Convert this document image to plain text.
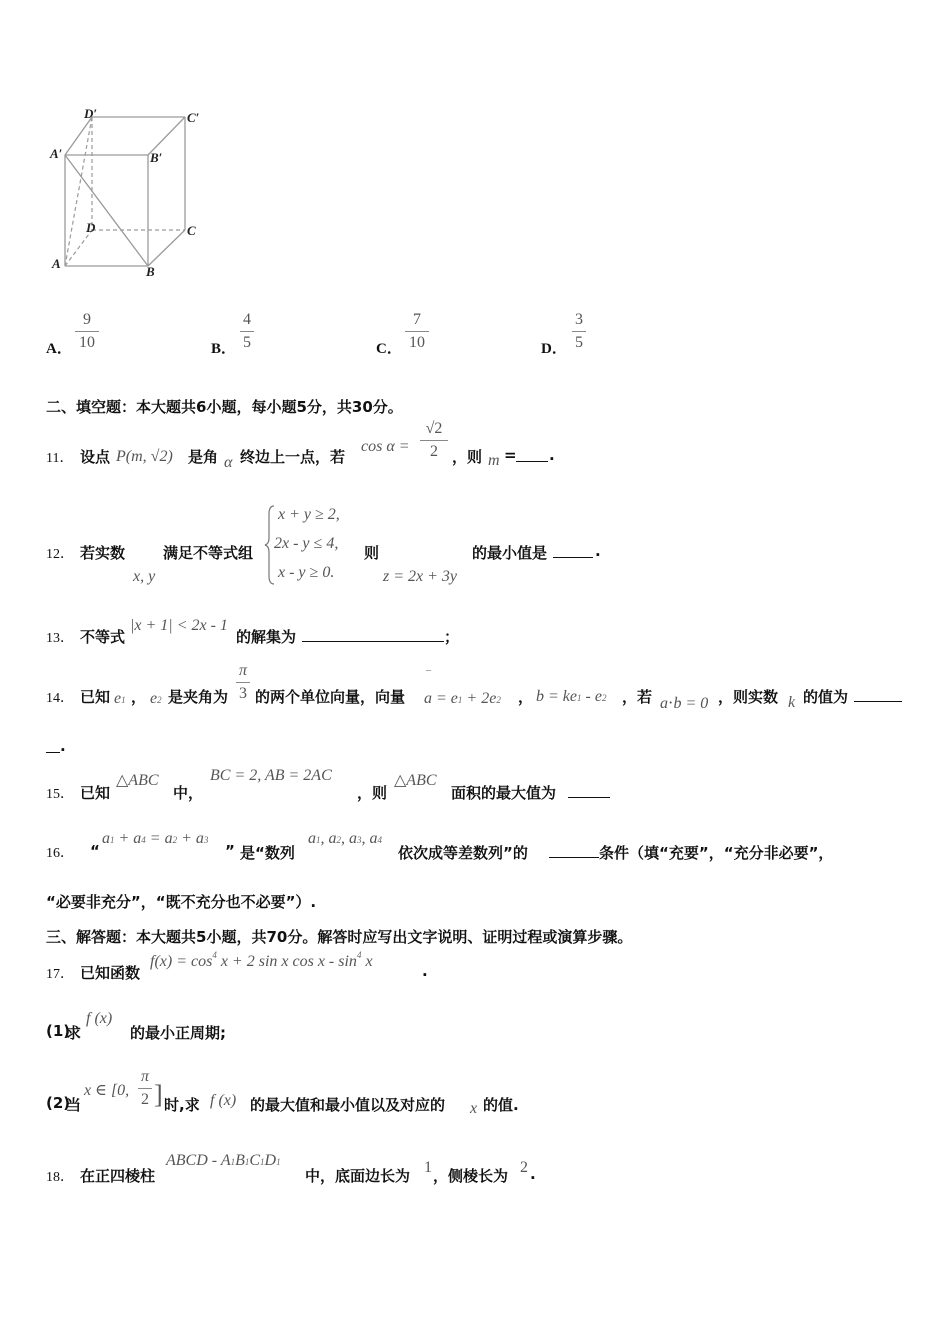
D′	C′
A′	B′
D	C
A
B
A．
9
10	B．
4
5	C．
7
10	D．
3
5
二、填空题：本大题共6小题，每小题5分，共30分。
11． 设点 P(m, √2) 是角 α 终边上一点，若
cos α =
√2
2 ，则 m = .
12． 若实数
x, y
满足不等式组
x + y ≥ 2,
2x - y ≤ 4,
x - y ≥ 0.
则
z = 2x + 3y
的最小值是	.
13． 不等式
|x + 1| < 2x - 1
的解集为	；
14． 已知 e1 ， e2 是夹角为
π
3 的两个单位向量，向量
¯
a = e1 + 2e2 ， b = ke1 - e2 ，若 a⋅b = 0 ，则实数 k 的值为
.
15． 已知
△ABC
中，
BC = 2, AB = 2AC
，则
△ABC
面积的最大值为
16． “
a1 + a4 = a2 + a3
” 是“数列
a1, a2, a3, a4
依次成等差数列”的	条件（填“充要”，“充分非必要”，
“必要非充分”，“既不充分也不必要”）.
三、解答题：本大题共5小题，共70分。解答时应写出文字说明、证明过程或演算步骤。
17． 已知函数
$f(x) = \cos^4 x + 2$ sin x cos x - $\sin^4 x$
.
(1)
求
f (x)
的最小正周期;
(2)
当
x ∈ [0,
π
2 ] 时,求 f (x) 的最大值和最小值以及对应的 x 的值.
18． 在正四棱柱
ABCD - A1B1C1D1
中，底面边长为 1 ，侧棱长为 2 .
